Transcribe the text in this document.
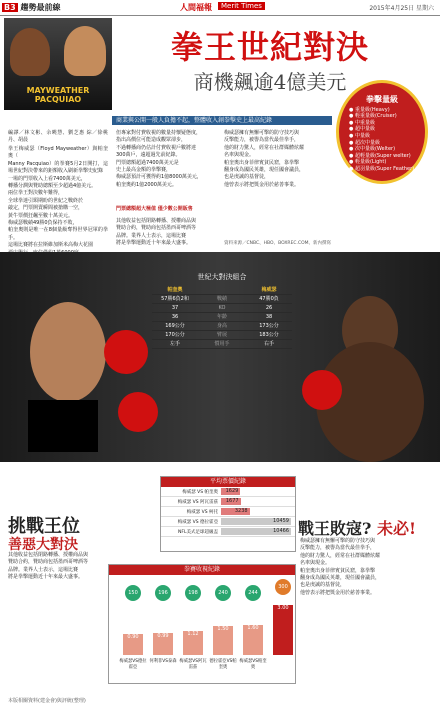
B3 趨勢最前線	人間福報	Merit Times	2015年4月25日 星期六
MAYWEATHER
PACQUIAO
拳王世紀對決
商機飆逾4億美元
商業與公開一般人負擔不起，整體收入創拳擊史上最高紀錄
編譯／林文彬、余曉慧、劉芝惠 綜／徐桃丹、胡晨
拳王梅威瑟（Floyd Mayweather）與帕奎奧（
Manny Pacquiao）的拳賽5月2日開打，這場世紀對決帶來的鉅額收入刷新拳擊史紀錄
一場的門票收入上看7400萬美元，
轉播分潤與贊助總額至少超過4億美元。
兩位拳王對決數年難得，
全球拳迷引頸期盼的世紀之戰終於
敲定，門票開賣瞬間被搶購一空，
黃牛票價狂飆至數十萬美元。
梅威瑟戰績49勝0負保持不敗，
帕奎奧則是唯一在8個量級奪得世界冠軍的拳手。
這場比賽將在拉斯維加斯米高梅大花園
但專家對付費收視的數量持懷疑態度，
指出高價位可能造成觀眾卻步，
不過轉播商仍估計付費收視戶數將達
300萬戶，遠超過先前紀錄。
門票總額超過7400萬美元是
史上最高金額的拳擊賽，
梅威瑟預計可獲得約1億8000萬美元，
帕奎奧約1億2000萬美元。
門票總額超大極值 僅少數公開販售
其他收益包括閉路轉播、授權商品與
贊助合約，贊助商包括墨西哥啤酒等
品牌。業界人士表示，這場比賽
將是拳擊運動近十年來最大盛事。
梅威瑟擁有無懈可擊的防守技巧與
反擊能力，被譽為當代最佳拳手，
他的財力驚人，經常在社群媒體炫耀
名車與現金。
帕奎奧出身菲律賓貧民窟，靠拳擊
翻身成為國民英雄，現任國會議員，
也是虔誠的基督徒，
他曾表示將把獎金用於慈善事業。
資料來源／CNBC、HBO、BOXREC.COM、新內撰寫
拳擊量級
● 重量級(Heavy)
● 輕重量級(Cruiser)
● 中重量級
● 超中量級
● 中量級
● 超次中量級
● 次中量級(Welter)
● 超輕量級(Super welter)
● 輕量級(Light)
● 超羽量級(Super Feather)
世紀大對決組合
帕奎奧	梅威瑟
57勝6負2和	戰績	47勝0負
37	KO	26
36	年齡	38
169公分	身高	173公分
170公分	臂展	183公分
左手	慣用手	右手
挑戰王位
善惡大對決
其他收益包括閉路轉播、授權商品與
贊助合約，贊助商包括墨西哥啤酒等
品牌。業界人士表示，這場比賽
將是拳擊運動近十年來最大盛事。
平均票價紀錄
梅威瑟 VS 帕奎奧	1629
梅威瑟 VS 阿瓦雷茲	1677
梅威瑟 VS 柯托	3238
梅威瑟 VS 德拉霍亞	10459
NFL美式足球超級盃	10466 戰王敗寇? 未必!
梅威瑟擁有無懈可擊的防守技巧與
反擊能力，被譽為當代最佳拳手，
他的財力驚人，經常在社群媒體炫耀
名車與現金。
帕奎奧出身菲律賓貧民窟，靠拳擊
翻身成為國民英雄，現任國會議員，
也是虔誠的基督徒，
他曾表示將把獎金用於慈善事業。
拳賽收視紀錄
150
0.90
梅威瑟VS德拉霍亞
196
0.99
何利菲VS泰森
198
1.12
梅威瑟VS阿瓦雷茲
240
1.50
德拉霍亞VS帕奎奧
244
1.60
梅威瑟VS帕奎奧
300
3.00
本版相關資料(建金會)與評統(整理)
